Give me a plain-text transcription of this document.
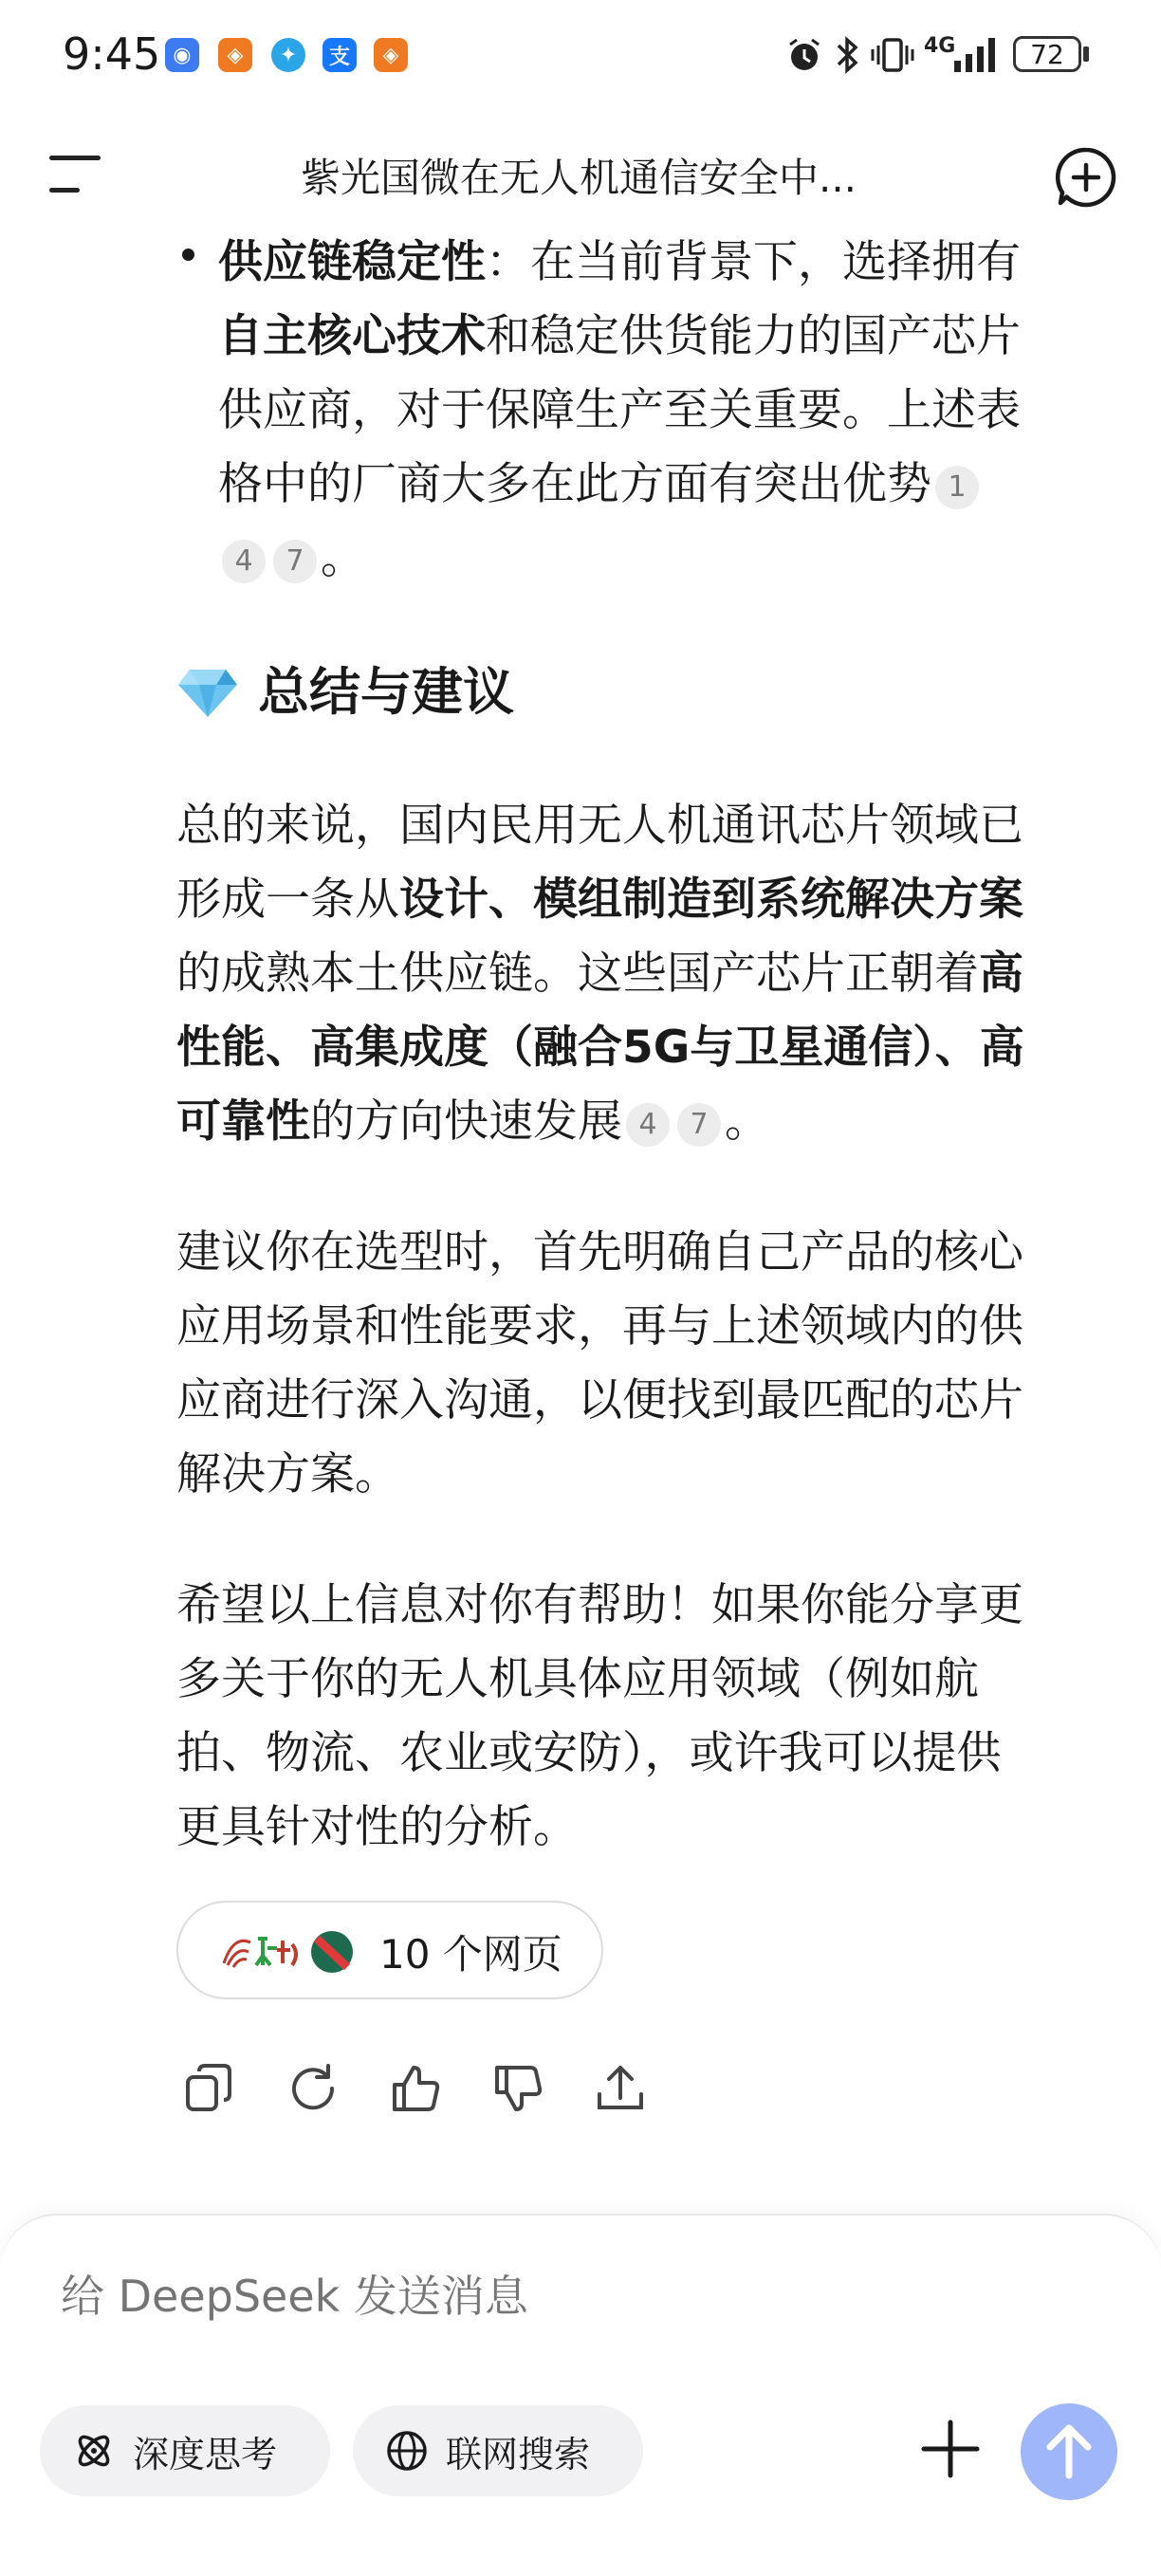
9:45 ◉	◈	✦	支	◈	4G	72
紫光国微在无人机通信安全中...
供应链稳定性：在当前背景下，选择拥有
自主核心技术和稳定供货能力的国产芯片
供应商，对于保障生产至关重要。上述表
格中的厂商大多在此方面有突出优势 1
4 7 。
总结与建议
总的来说，国内民用无人机通讯芯片领域已
形成一条从设计、模组制造到系统解决方案
的成熟本土供应链。这些国产芯片正朝着高
性能、高集成度（融合5G与卫星通信）、高
可靠性的方向快速发展 4 7 。
建议你在选型时，首先明确自己产品的核心
应用场景和性能要求，再与上述领域内的供
应商进行深入沟通，以便找到最匹配的芯片
解决方案。
希望以上信息对你有帮助！如果你能分享更
多关于你的无人机具体应用领域（例如航
拍、物流、农业或安防），或许我可以提供
更具针对性的分析。
10 个网页
给 DeepSeek 发送消息
深度思考	联网搜索
